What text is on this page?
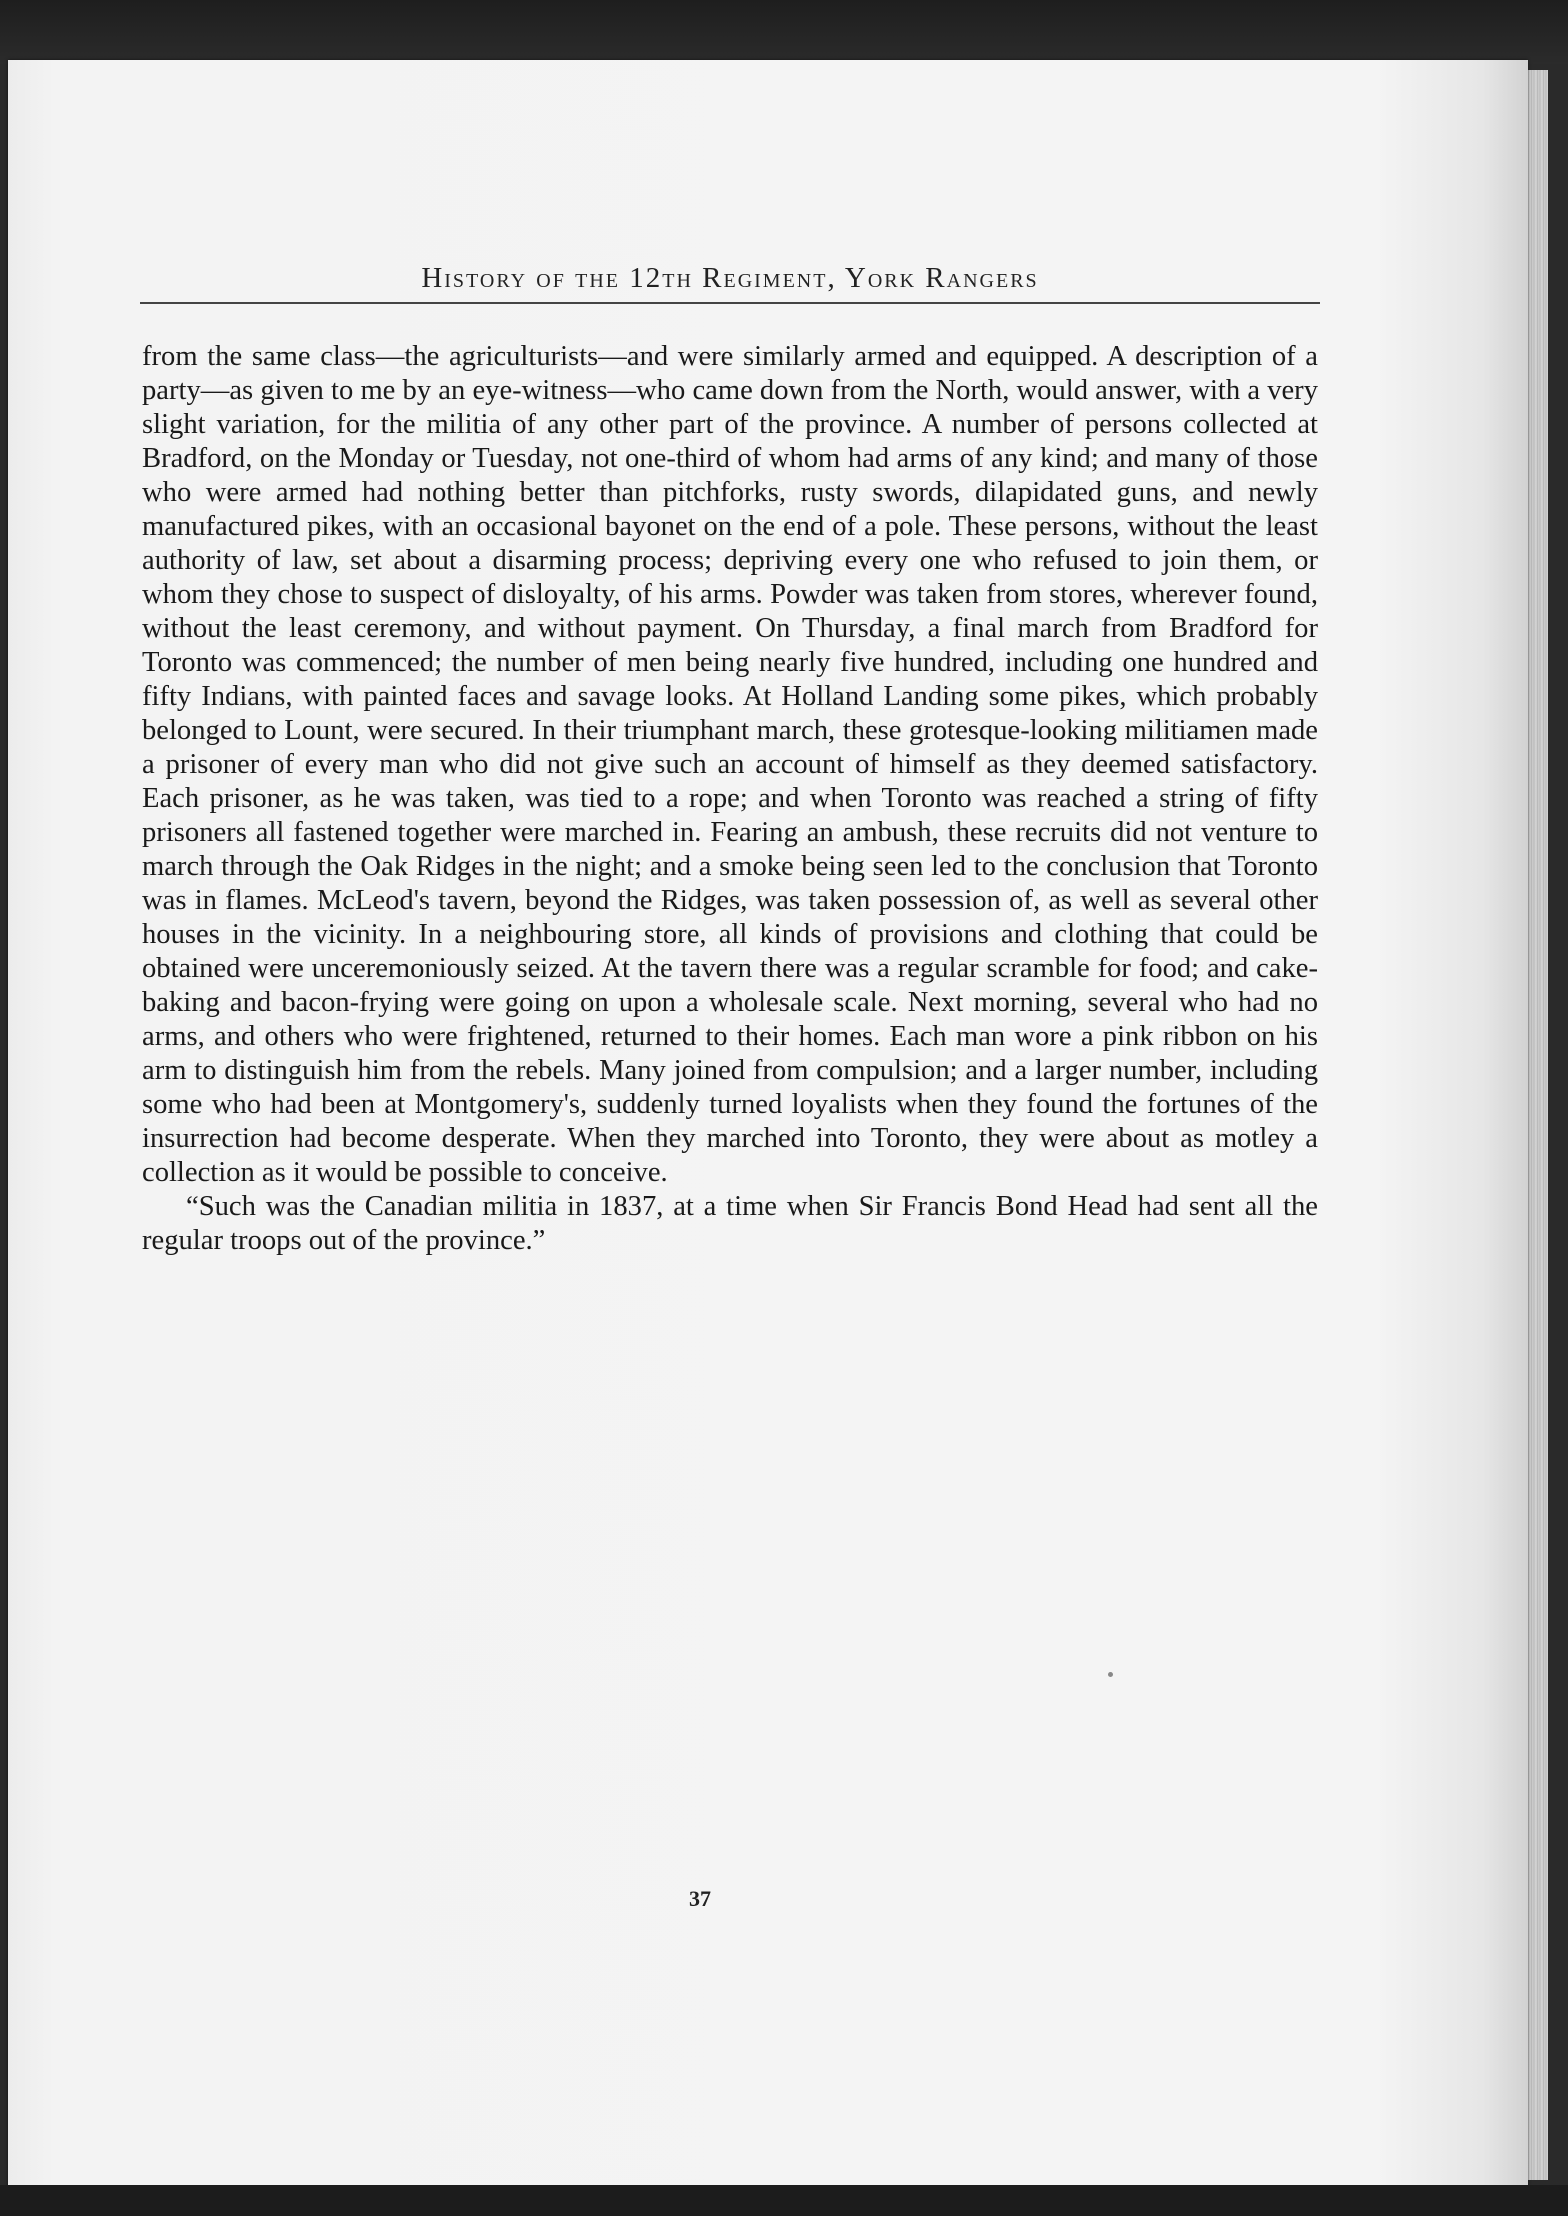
History of the 12th Regiment, York Rangers

from the same class—the agriculturists—and were similarly armed and equipped. A description of a party—as given to me by an eye-witness—who came down from the North, would answer, with a very slight variation, for the militia of any other part of the province. A number of persons collected at Bradford, on the Monday or Tuesday, not one-third of whom had arms of any kind; and many of those who were armed had nothing better than pitchforks, rusty swords, dilapidated guns, and newly manufactured pikes, with an occasional bayonet on the end of a pole. These persons, without the least authority of law, set about a disarming process; depriving every one who refused to join them, or whom they chose to suspect of disloyalty, of his arms. Powder was taken from stores, wherever found, without the least ceremony, and without payment. On Thursday, a final march from Bradford for Toronto was commenced; the number of men being nearly five hundred, including one hundred and fifty Indians, with painted faces and savage looks. At Holland Landing some pikes, which probably belonged to Lount, were secured. In their triumphant march, these grotesque-looking militiamen made a prisoner of every man who did not give such an account of himself as they deemed satisfactory. Each prisoner, as he was taken, was tied to a rope; and when Toronto was reached a string of fifty prisoners all fastened together were marched in. Fearing an ambush, these recruits did not venture to march through the Oak Ridges in the night; and a smoke being seen led to the conclusion that Toronto was in flames. McLeod's tavern, beyond the Ridges, was taken possession of, as well as several other houses in the vicinity. In a neighbouring store, all kinds of provisions and clothing that could be obtained were unceremoniously seized. At the tavern there was a regular scramble for food; and cake-baking and bacon-frying were going on upon a wholesale scale. Next morning, several who had no arms, and others who were frightened, returned to their homes. Each man wore a pink ribbon on his arm to distinguish him from the rebels. Many joined from compulsion; and a larger number, including some who had been at Montgomery's, suddenly turned loyalists when they found the fortunes of the insurrection had become desperate. When they marched into Toronto, they were about as motley a collection as it would be possible to conceive.

“Such was the Canadian militia in 1837, at a time when Sir Francis Bond Head had sent all the regular troops out of the province.”

37
